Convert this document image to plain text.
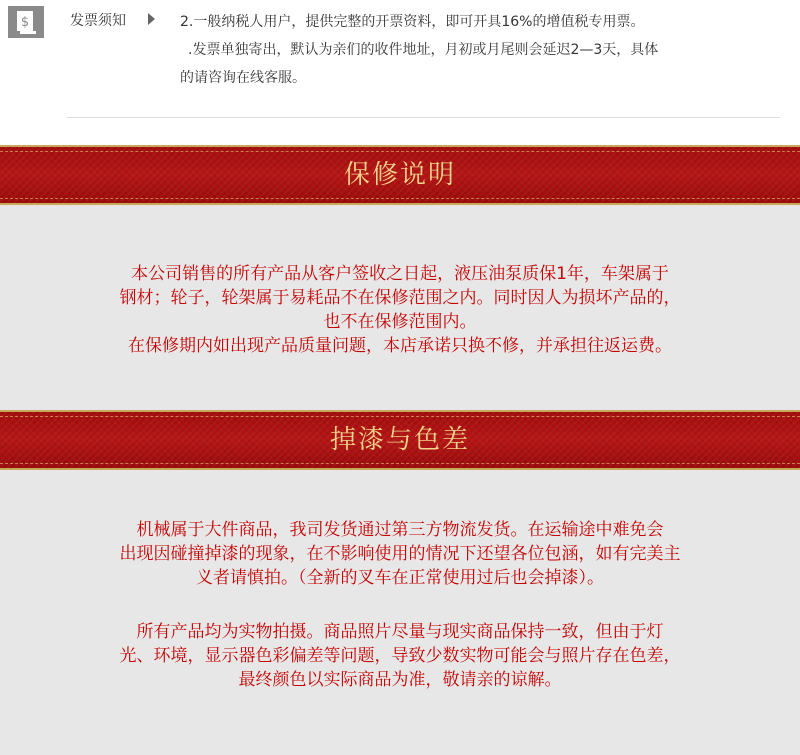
$	发票须知	2.一般纳税人用户，提供完整的开票资料，即可开具16%的增值税专用票。
.发票单独寄出，默认为亲们的收件地址，月初或月尾则会延迟2—3天，具体
的请咨询在线客服。
保修说明

本公司销售的所有产品从客户签收之日起，液压油泵质保1年，车架属于

钢材；轮子，轮架属于易耗品不在保修范围之内。同时因人为损坏产品的，

也不在保修范围内。

在保修期内如出现产品质量问题，本店承诺只换不修，并承担往返运费。

掉漆与色差

机械属于大件商品，我司发货通过第三方物流发货。在运输途中难免会

出现因碰撞掉漆的现象，在不影响使用的情况下还望各位包涵，如有完美主

义者请慎拍。（全新的叉车在正常使用过后也会掉漆）。

所有产品均为实物拍摄。商品照片尽量与现实商品保持一致，但由于灯

光、环境，显示器色彩偏差等问题，导致少数实物可能会与照片存在色差，

最终颜色以实际商品为准，敬请亲的谅解。
